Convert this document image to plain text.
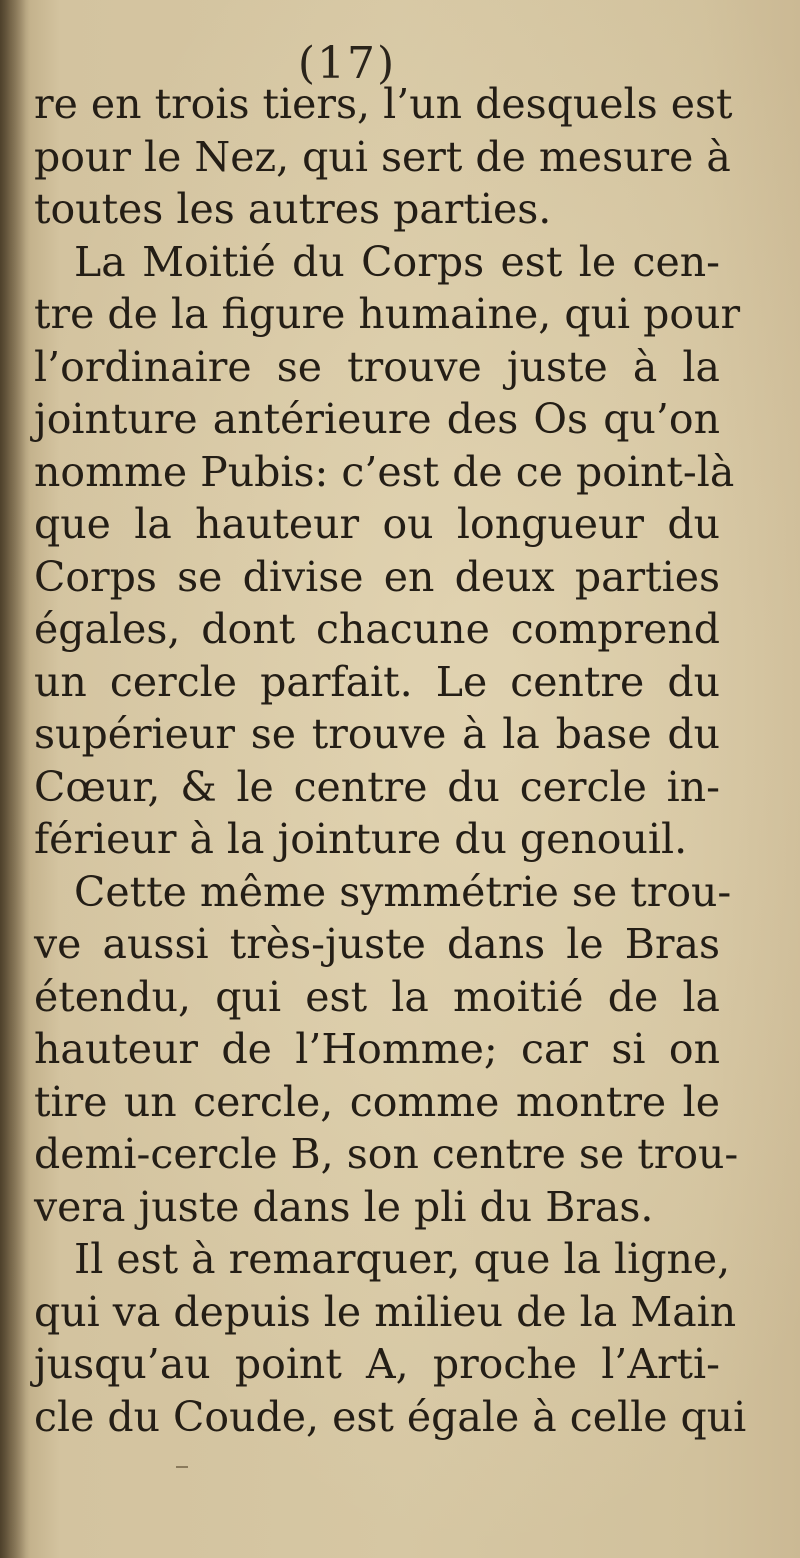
(17)
re en trois tiers, l’un desquels est
pour le Nez, qui sert de mesure à
toutes les autres parties.
La Moitié du Corps est le cen-
tre de la figure humaine, qui pour
l’ordinaire se trouve juste à la
jointure antérieure des Os qu’on
nomme Pubis: c’est de ce point-là
que la hauteur ou longueur du
Corps se divise en deux parties
égales, dont chacune comprend
un cercle parfait. Le centre du
supérieur se trouve à la base du
Cœur, & le centre du cercle in-
férieur à la jointure du genouil.
Cette même symmétrie se trou-
ve aussi très-juste dans le Bras
étendu, qui est la moitié de la
hauteur de l’Homme; car si on
tire un cercle, comme montre le
demi-cercle B, son centre se trou-
vera juste dans le pli du Bras.
Il est à remarquer, que la ligne,
qui va depuis le milieu de la Main
jusqu’au point A, proche l’Arti-
cle du Coude, est égale à celle qui
